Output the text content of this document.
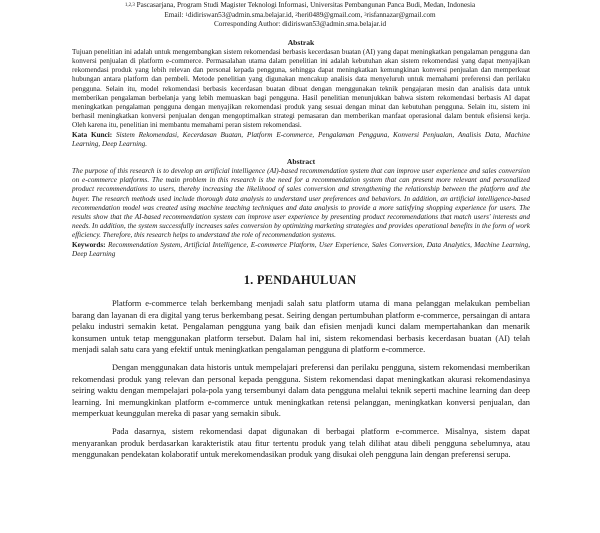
$^{1,2,3}$ Pascasarjana, Program Studi Magister Teknologi Informasi, Universitas Pembangunan Panca Budi, Medan, Indonesia
Email: $^1$didiriswan53@admin.sma.belajar.id, $^2$heri0489@gmail.com, $^3$risfannazar@gmail.com
Corresponding Author: didiriswan53@admin.sma.belajar.id
Abstrak

Tujuan penelitian ini adalah untuk mengembangkan sistem rekomendasi berbasis kecerdasan buatan (AI) yang dapat meningkatkan pengalaman pengguna dan konversi penjualan di platform e-commerce. Permasalahan utama dalam penelitian ini adalah kebutuhan akan sistem rekomendasi yang dapat menyajikan rekomendasi produk yang lebih relevan dan personal kepada pengguna, sehingga dapat meningkatkan kemungkinan konversi penjualan dan memperkuat hubungan antara platform dan pembeli. Metode penelitian yang digunakan mencakup analisis data menyeluruh untuk memahami preferensi dan perilaku pengguna. Selain itu, model rekomendasi berbasis kecerdasan buatan dibuat dengan menggunakan teknik pengajaran mesin dan analisis data untuk memberikan pengalaman berbelanja yang lebih memuaskan bagi pengguna. Hasil penelitian menunjukkan bahwa sistem rekomendasi berbasis AI dapat meningkatkan pengalaman pengguna dengan menyajikan rekomendasi produk yang sesuai dengan minat dan kebutuhan pengguna. Selain itu, sistem ini berhasil meningkatkan konversi penjualan dengan mengoptimalkan strategi pemasaran dan memberikan manfaat operasional dalam bentuk efisiensi kerja. Oleh karena itu, penelitian ini membantu memahami peran sistem rekomendasi.

Kata Kunci: Sistem Rekomendasi, Kecerdasan Buatan, Platform E-commerce, Pengalaman Pengguna, Konversi Penjualan, Analisis Data, Machine Learning, Deep Learning.

Abstract

The purpose of this research is to develop an artificial intelligence (AI)-based recommendation system that can improve user experience and sales conversion on e-commerce platforms. The main problem in this research is the need for a recommendation system that can present more relevant and personalized product recommendations to users, thereby increasing the likelihood of sales conversion and strengthening the relationship between the platform and the buyer. The research methods used include thorough data analysis to understand user preferences and behaviors. In addition, an artificial intelligence-based recommendation model was created using machine teaching techniques and data analysis to provide a more satisfying shopping experience for users. The results show that the AI-based recommendation system can improve user experience by presenting product recommendations that match users' interests and needs. In addition, the system successfully increases sales conversion by optimizing marketing strategies and provides operational benefits in the form of work efficiency. Therefore, this research helps to understand the role of recommendation systems.

Keywords: Recommendation System, Artificial Intelligence, E-commerce Platform, User Experience, Sales Conversion, Data Analytics, Machine Learning, Deep Learning

1. PENDAHULUAN

Platform e-commerce telah berkembang menjadi salah satu platform utama di mana pelanggan melakukan pembelian barang dan layanan di era digital yang terus berkembang pesat. Seiring dengan pertumbuhan platform e-commerce, persaingan di antara pelaku industri semakin ketat. Pengalaman pengguna yang baik dan efisien menjadi kunci dalam mempertahankan dan menarik konsumen untuk tetap menggunakan platform tersebut. Dalam hal ini, sistem rekomendasi berbasis kecerdasan buatan (AI) telah menjadi salah satu cara yang efektif untuk meningkatkan pengalaman pengguna di platform e-commerce.

Dengan menggunakan data historis untuk mempelajari preferensi dan perilaku pengguna, sistem rekomendasi memberikan rekomendasi produk yang relevan dan personal kepada pengguna. Sistem rekomendasi dapat meningkatkan akurasi rekomendasinya seiring waktu dengan mempelajari pola-pola yang tersembunyi dalam data pengguna melalui teknik seperti machine learning dan deep learning. Ini memungkinkan platform e-commerce untuk meningkatkan retensi pelanggan, meningkatkan konversi penjualan, dan memperkuat keunggulan mereka di pasar yang semakin sibuk.

Pada dasarnya, sistem rekomendasi dapat digunakan di berbagai platform e-commerce. Misalnya, sistem dapat menyarankan produk berdasarkan karakteristik atau fitur tertentu produk yang telah dilihat atau dibeli pengguna sebelumnya, atau menggunakan pendekatan kolaboratif untuk merekomendasikan produk yang disukai oleh pengguna lain dengan preferensi serupa.
